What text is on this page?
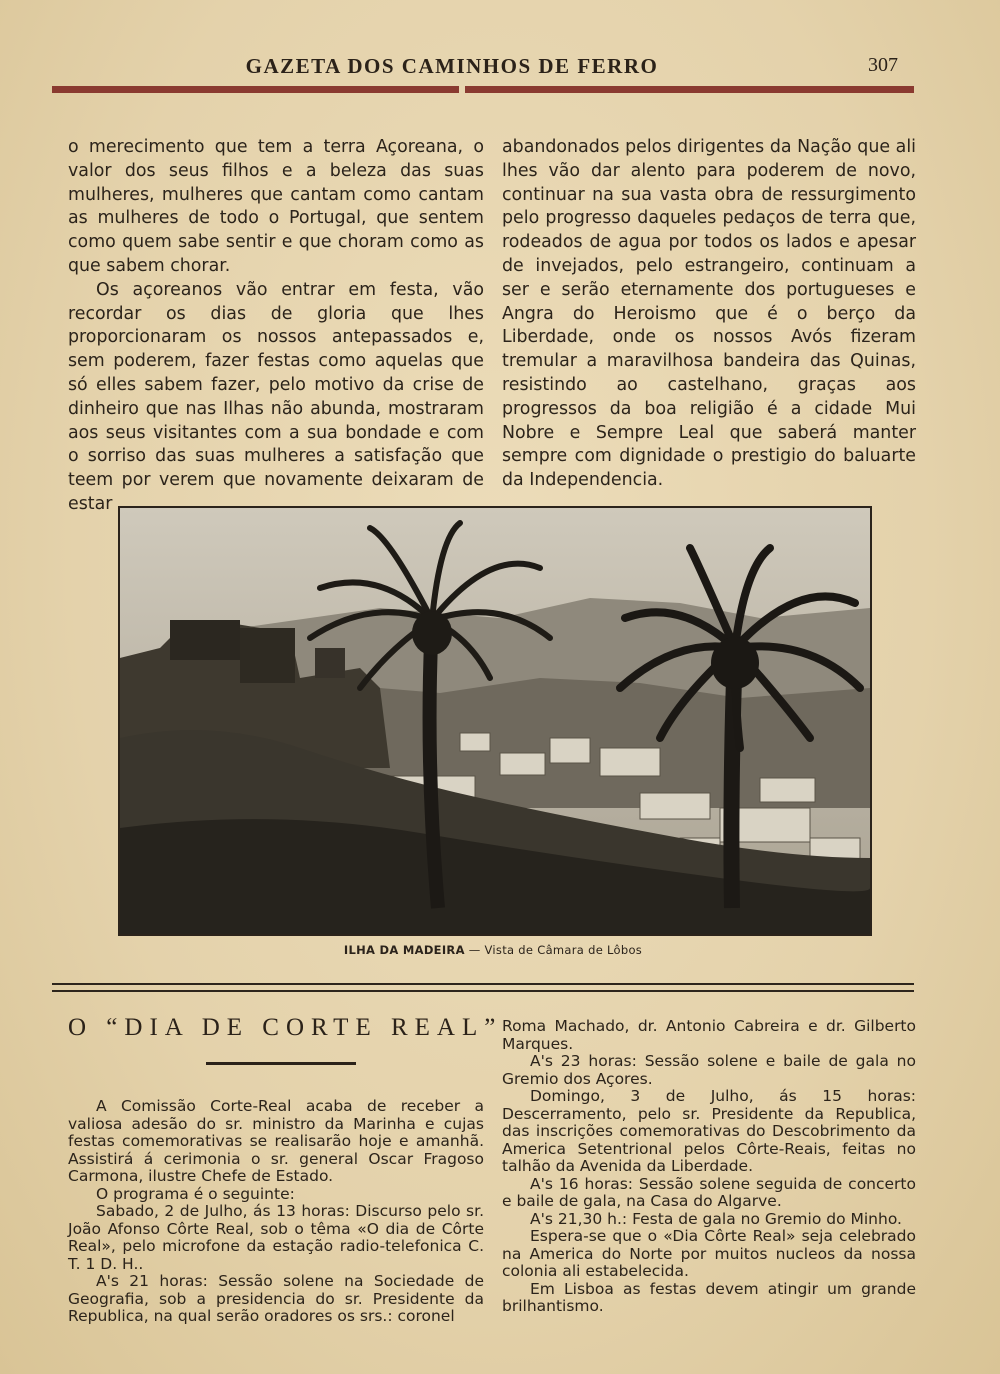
GAZETA DOS CAMINHOS DE FERRO	307

o merecimento que tem a terra Açoreana, o valor dos seus filhos e a beleza das suas mulheres, mulheres que cantam como cantam as mulheres de todo o Portugal, que sentem como quem sabe sentir e que choram como as que sabem chorar.

Os açoreanos vão entrar em festa, vão recordar os dias de gloria que lhes proporcionaram os nossos antepassados e, sem poderem, fazer festas como aquelas que só elles sabem fazer, pelo motivo da crise de dinheiro que nas Ilhas não abunda, mostraram aos seus visitantes com a sua bondade e com o sorriso das suas mulheres a satisfação que teem por verem que novamente deixaram de estar

abandonados pelos dirigentes da Nação que ali lhes vão dar alento para poderem de novo, continuar na sua vasta obra de ressurgimento pelo progresso daqueles pedaços de terra que, rodeados de agua por todos os lados e apesar de invejados, pelo estrangeiro, continuam a ser e serão eternamente dos portugueses e Angra do Heroismo que é o berço da Liberdade, onde os nossos Avós fizeram tremular a maravilhosa bandeira das Quinas, resistindo ao castelhano, graças aos progressos da boa religião é a cidade Mui Nobre e Sempre Leal que saberá manter sempre com dignidade o prestigio do baluarte da Independencia.

ILHA DA MADEIRA — Vista de Câmara de Lôbos
O “DIA DE CORTE REAL”

A Comissão Corte-Real acaba de receber a valiosa adesão do sr. ministro da Marinha e cujas festas comemorativas se realisarão hoje e amanhã. Assistirá á cerimonia o sr. general Oscar Fragoso Carmona, ilustre Chefe de Estado.

O programa é o seguinte:

Sabado, 2 de Julho, ás 13 horas: Discurso pelo sr. João Afonso Côrte Real, sob o têma «O dia de Côrte Real», pelo microfone da estação radio-telefonica C. T. 1 D. H..

A's 21 horas: Sessão solene na Sociedade de Geografia, sob a presidencia do sr. Presidente da Republica, na qual serão oradores os srs.: coronel

Roma Machado, dr. Antonio Cabreira e dr. Gilberto Marques.

A's 23 horas: Sessão solene e baile de gala no Gremio dos Açores.

Domingo, 3 de Julho, ás 15 horas: Descerramento, pelo sr. Presidente da Republica, das inscrições comemorativas do Descobrimento da America Setentrional pelos Côrte-Reais, feitas no talhão da Avenida da Liberdade.

A's 16 horas: Sessão solene seguida de concerto e baile de gala, na Casa do Algarve.

A's 21,30 h.: Festa de gala no Gremio do Minho.

Espera-se que o «Dia Côrte Real» seja celebrado na America do Norte por muitos nucleos da nossa colonia ali estabelecida.

Em Lisboa as festas devem atingir um grande brilhantismo.
